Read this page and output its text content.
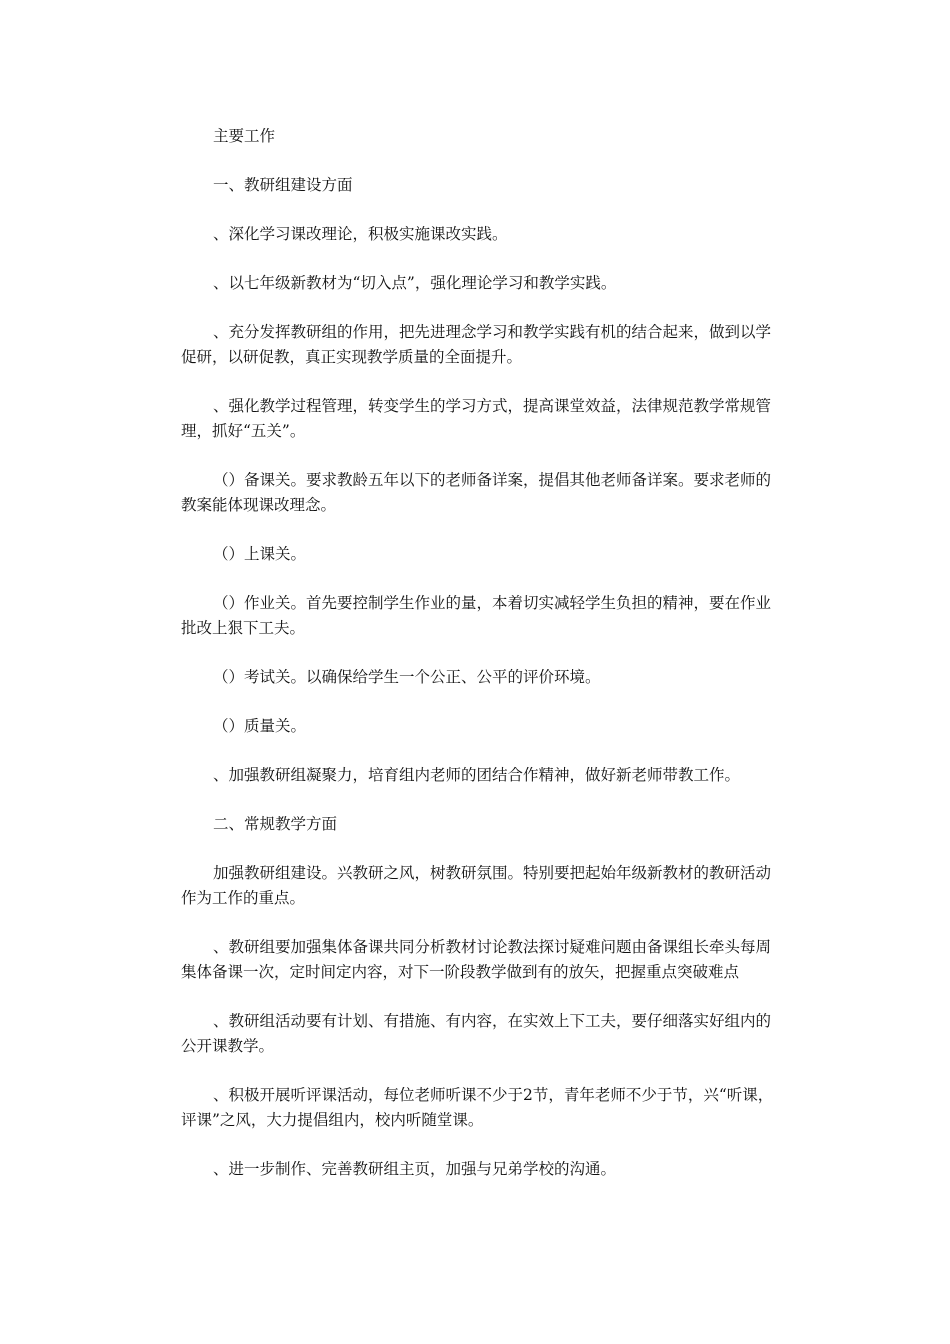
主要工作

一、教研组建设方面

、深化学习课改理论，积极实施课改实践。

、以七年级新教材为“切入点”，强化理论学习和教学实践。

、充分发挥教研组的作用，把先进理念学习和教学实践有机的结合起来，做到以学促研，以研促教，真正实现教学质量的全面提升。

、强化教学过程管理，转变学生的学习方式，提高课堂效益，法律规范教学常规管理，抓好“五关”。

（）备课关。要求教龄五年以下的老师备详案，提倡其他老师备详案。要求老师的教案能体现课改理念。

（）上课关。

（）作业关。首先要控制学生作业的量，本着切实减轻学生负担的精神，要在作业批改上狠下工夫。

（）考试关。以确保给学生一个公正、公平的评价环境。

（）质量关。

、加强教研组凝聚力，培育组内老师的团结合作精神，做好新老师带教工作。

二、常规教学方面

加强教研组建设。兴教研之风，树教研氛围。特别要把起始年级新教材的教研活动作为工作的重点。

、教研组要加强集体备课共同分析教材讨论教法探讨疑难问题由备课组长牵头每周集体备课一次，定时间定内容，对下一阶段教学做到有的放矢，把握重点突破难点

、教研组活动要有计划、有措施、有内容，在实效上下工夫，要仔细落实好组内的公开课教学。

、积极开展听评课活动，每位老师听课不少于2节，青年老师不少于节，兴“听课，评课”之风，大力提倡组内，校内听随堂课。

、进一步制作、完善教研组主页，加强与兄弟学校的沟通。
